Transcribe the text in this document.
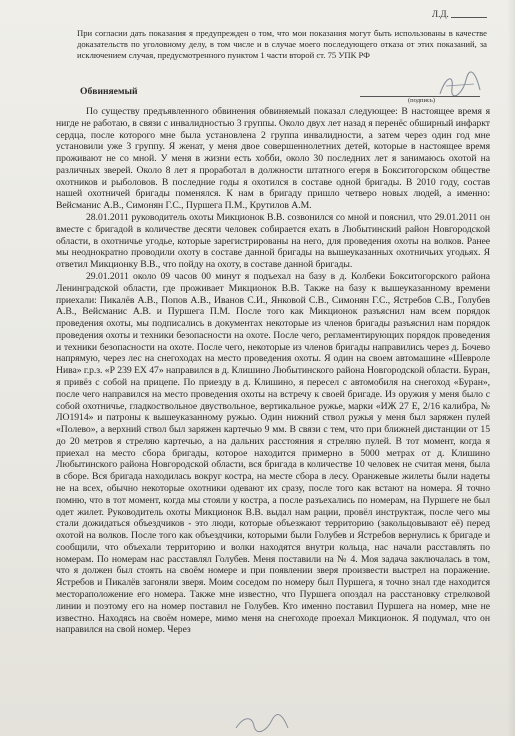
Л.Д.
При согласии дать показания я предупрежден о том, что мои показания могут быть использованы в качестве доказательств по уголовному делу, в том числе и в случае моего последующего отказа от этих показаний, за исключением случая, предусмотренного пунктом 1 части второй ст. 75 УПК РФ
Обвиняемый
(подпись)

По существу предъявленного обвинения обвиняемый показал следующее: В настоящее время я нигде не работаю, в связи с инвалидностью 3 группы. Около двух лет назад я перенёс обширный инфаркт сердца, после которого мне была установлена 2 группа инвалидности, а затем через один год мне установили уже 3 группу. Я женат, у меня двое совершеннолетних детей, которые в настоящее время проживают не со мной. У меня в жизни есть хобби, около 30 последних лет я занимаюсь охотой на различных зверей. Около 8 лет я проработал в должности штатного егеря в Бокситогорском обществе охотников и рыболовов. В последние годы я охотился в составе одной бригады. В 2010 году, состав нашей охотничей бригады поменялся. К нам в бригаду пришло четверо новых людей, а именно: Вейсманис А.В., Симонян Г.С., Пуршега П.М., Крутилов А.М.

28.01.2011 руководитель охоты Микционок В.В. созвонился со мной и пояснил, что 29.01.2011 он вместе с бригадой в количестве десяти человек собирается ехать в Любытинский район Новгородской области, в охотничье угодье, которые зарегистрированы на него, для проведения охоты на волков. Ранее мы неоднократно проводили охоту в составе данной бригады на вышеуказанных охотничьих угодьях. Я ответил Микционку В.В., что пойду на охоту, в составе данной бригады.

29.01.2011 около 09 часов 00 минут я подъехал на базу в д. Колбеки Бокситогорского района Ленинградской области, где проживает Микционок В.В. Также на базу к вышеуказанному времени приехали: Пикалёв А.В., Попов А.В., Иванов С.И., Янковой С.В., Симонян Г.С., Ястребов С.В., Голубев А.В., Вейсманис А.В. и Пуршега П.М. После того как Микционок разъяснил нам всем порядок проведения охоты, мы подписались в документах некоторые из членов бригады разъяснил нам порядок проведения охоты и техники безопасности на охоте. После чего, регламентирующих порядок проведения и техники безопасности на охоте. После чего, некоторые из членов бригады направились через д. Бочево напрямую, через лес на снегоходах на место проведения охоты. Я один на своем автомашине «Шевроле Нива» г.р.з. «Р 239 ЕХ 47» направился в д. Клишино Любытинского района Новгородской области. Буран, я привёз с собой на прицепе. По приезду в д. Клишино, я пересел с автомобиля на снегоход «Буран», после чего направился на место проведения охоты на встречу к своей бригаде. Из оружия у меня было с собой охотничье, гладкоствольное двуствольное, вертикальное ружье, марки «ИЖ 27 Е, 2/16 калибра, № ЛО1914» и патроны к вышеуказанному ружью. Один нижний ствол ружья у меня был заряжен пулей «Полево», а верхний ствол был заряжен картечью 9 мм. В связи с тем, что при ближней дистанции от 15 до 20 метров я стреляю картечью, а на дальних расстояния я стреляю пулей. В тот момент, когда я приехал на место сбора бригады, которое находится примерно в 5000 метрах от д. Клишино Любытинского района Новгородской области, вся бригада в количестве 10 человек не считая меня, была в сборе. Вся бригада находилась вокруг костра, на месте сбора в лесу. Оранжевые жилеты были надеты не на всех, обычно некоторые охотники одевают их сразу, после того как встают на номера. Я точно помню, что в тот момент, когда мы стояли у костра, а после разъехались по номерам, на Пуршеге не был одет жилет. Руководитель охоты Микционок В.В. выдал нам рации, провёл инструктаж, после чего мы стали дожидаться объездчиков - это люди, которые объезжают территорию (закольцовывают её) перед охотой на волков. После того как объездчики, которыми были Голубев и Ястребов вернулись к бригаде и сообщили, что объехали территорию и волки находятся внутри кольца, нас начали расставлять по номерам. По номерам нас расставлял Голубев. Меня поставили на № 4. Моя задача заключалась в том, что я должен был стоять на своём номере и при появлении зверя произвести выстрел на поражение. Ястребов и Пикалёв загоняли зверя. Моим соседом по номеру был Пуршега, я точно знал где находится местораположение его номера. Также мне известно, что Пуршега опоздал на расстановку стрелковой линии и поэтому его на номер поставил не Голубев. Кто именно поставил Пуршега на номер, мне не известно. Находясь на своём номере, мимо меня на снегоходе проехал Микционок. Я подумал, что он направился на свой номер. Через
